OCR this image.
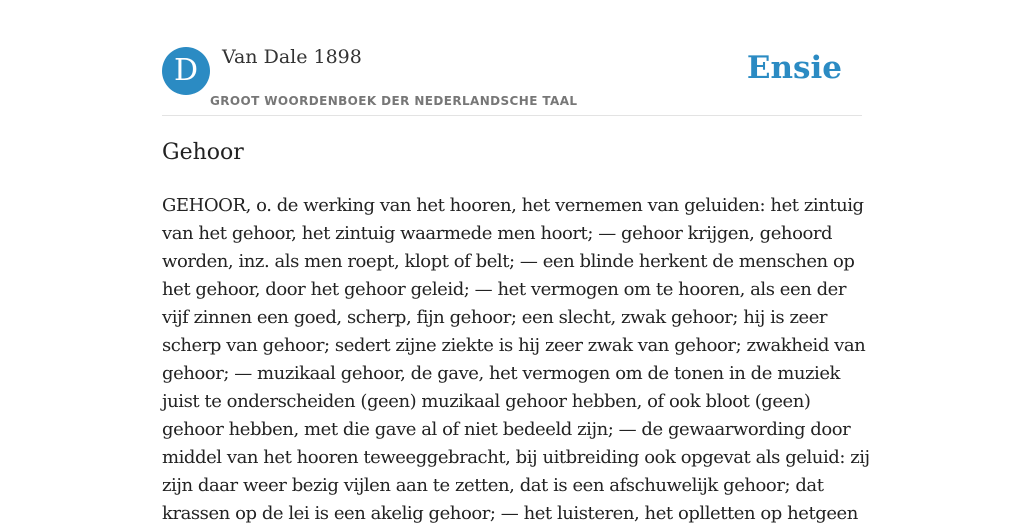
D	Van Dale 1898
GROOT WOORDENBOEK DER NEDERLANDSCHE TAAL
Ensie
Gehoor
GEHOOR, o. de werking van het hooren, het vernemen van geluiden: het zintuig
van het gehoor, het zintuig waarmede men hoort; — gehoor krijgen, gehoord
worden, inz. als men roept, klopt of belt; — een blinde herkent de menschen op
het gehoor, door het gehoor geleid; — het vermogen om te hooren, als een der
vijf zinnen een goed, scherp, fijn gehoor; een slecht, zwak gehoor; hij is zeer
scherp van gehoor; sedert zijne ziekte is hij zeer zwak van gehoor; zwakheid van
gehoor; — muzikaal gehoor, de gave, het vermogen om de tonen in de muziek
juist te onderscheiden (geen) muzikaal gehoor hebben, of ook bloot (geen)
gehoor hebben, met die gave al of niet bedeeld zijn; — de gewaarwording door
middel van het hooren teweeggebracht, bij uitbreiding ook opgevat als geluid: zij
zijn daar weer bezig vijlen aan te zetten, dat is een afschuwelijk gehoor; dat
krassen op de lei is een akelig gehoor; — het luisteren, het oplletten op hetgeen
